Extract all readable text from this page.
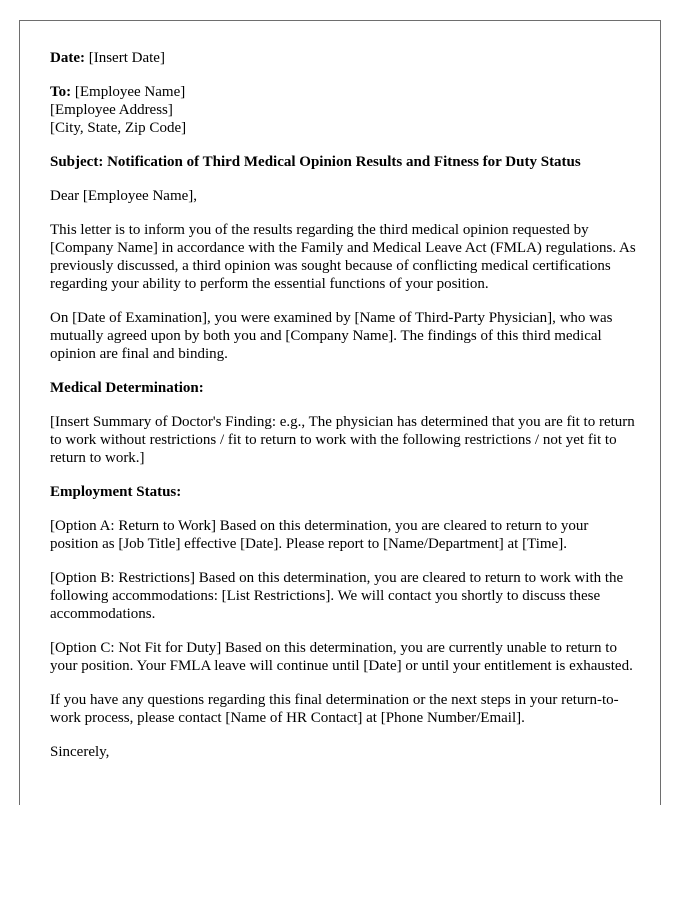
Date: [Insert Date]

To: [Employee Name]
[Employee Address]
[City, State, Zip Code]

Subject: Notification of Third Medical Opinion Results and Fitness for Duty Status

Dear [Employee Name],

This letter is to inform you of the results regarding the third medical opinion requested by [Company Name] in accordance with the Family and Medical Leave Act (FMLA) regulations. As previously discussed, a third opinion was sought because of conflicting medical certifications regarding your ability to perform the essential functions of your position.

On [Date of Examination], you were examined by [Name of Third-Party Physician], who was mutually agreed upon by both you and [Company Name]. The findings of this third medical opinion are final and binding.

Medical Determination:

[Insert Summary of Doctor's Finding: e.g., The physician has determined that you are fit to return to work without restrictions / fit to return to work with the following restrictions / not yet fit to return to work.]

Employment Status:

[Option A: Return to Work] Based on this determination, you are cleared to return to your position as [Job Title] effective [Date]. Please report to [Name/Department] at [Time].

[Option B: Restrictions] Based on this determination, you are cleared to return to work with the following accommodations: [List Restrictions]. We will contact you shortly to discuss these accommodations.

[Option C: Not Fit for Duty] Based on this determination, you are currently unable to return to your position. Your FMLA leave will continue until [Date] or until your entitlement is exhausted.

If you have any questions regarding this final determination or the next steps in your return-to-work process, please contact [Name of HR Contact] at [Phone Number/Email].

Sincerely,
